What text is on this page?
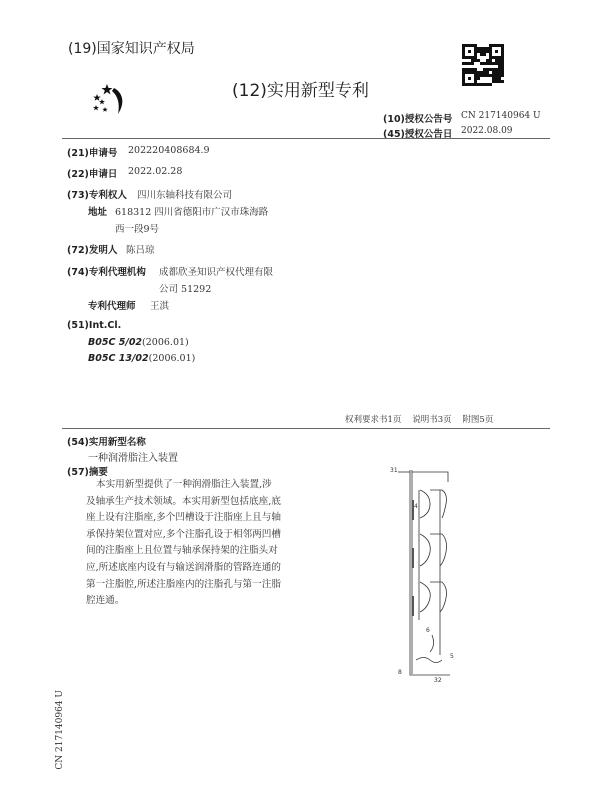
(19)国家知识产权局
(12)实用新型专利
(10)授权公告号 CN 217140964 U
(45)授权公告日 2022.08.09
(21)申请号 202220408684.9
(22)申请日 2022.02.28
(73)专利权人 四川东轴科技有限公司
地址 618312 四川省德阳市广汉市珠海路
西一段9号
(72)发明人 陈吕琼
(74)专利代理机构 成都欣圣知识产权代理有限
公司 51292
专利代理师 王淇
(51)Int.Cl.
B05C 5/02(2006.01)
B05C 13/02(2006.01)
权利要求书1页    说明书3页    附图5页
(54)实用新型名称
一种润滑脂注入装置
(57)摘要
本实用新型提供了一种润滑脂注入装置,涉
及轴承生产技术领域。本实用新型包括底座,底
座上设有注脂座,多个凹槽设于注脂座上且与轴
承保持架位置对应,多个注脂孔设于相邻两凹槽
间的注脂座上且位置与轴承保持架的注脂头对
应,所述底座内设有与输送润滑脂的管路连通的
第一注脂腔,所述注脂座内的注脂孔与第一注脂
腔连通。
31
4
6
5
8
32
CN 217140964 U
